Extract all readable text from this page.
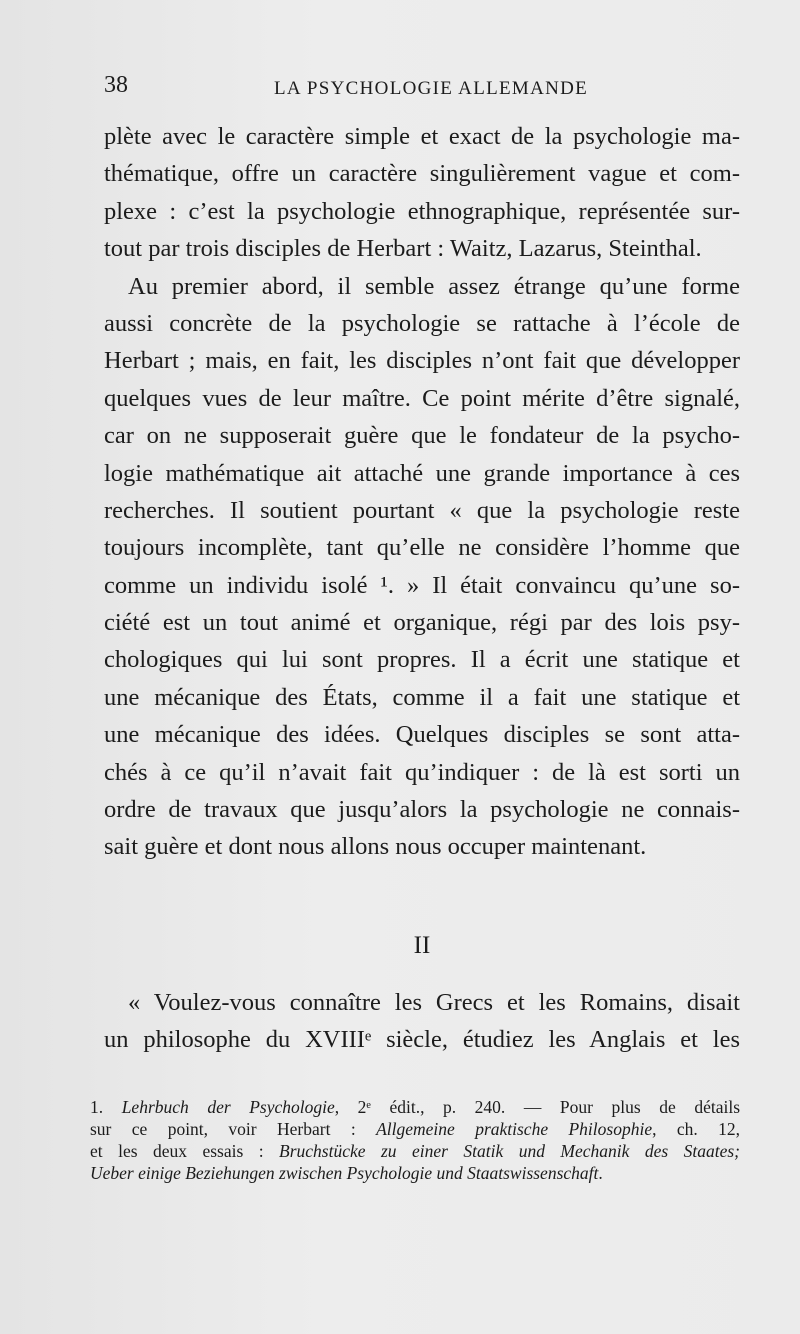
38	LA PSYCHOLOGIE ALLEMANDE
plète avec le caractère simple et exact de la psychologie ma-
thématique, offre un caractère singulièrement vague et com-
plexe : c’est la psychologie ethnographique, représentée sur-
tout par trois disciples de Herbart : Waitz, Lazarus, Steinthal.
Au premier abord, il semble assez étrange qu’une forme
aussi concrète de la psychologie se rattache à l’école de
Herbart ; mais, en fait, les disciples n’ont fait que développer
quelques vues de leur maître. Ce point mérite d’être signalé,
car on ne supposerait guère que le fondateur de la psycho-
logie mathématique ait attaché une grande importance à ces
recherches. Il soutient pourtant « que la psychologie reste
toujours incomplète, tant qu’elle ne considère l’homme que
comme un individu isolé ¹. » Il était convaincu qu’une so-
ciété est un tout animé et organique, régi par des lois psy-
chologiques qui lui sont propres. Il a écrit une statique et
une mécanique des États, comme il a fait une statique et
une mécanique des idées. Quelques disciples se sont atta-
chés à ce qu’il n’avait fait qu’indiquer : de là est sorti un
ordre de travaux que jusqu’alors la psychologie ne connais-
sait guère et dont nous allons nous occuper maintenant.
II
« Voulez-vous connaître les Grecs et les Romains, disait
un philosophe du XVIIIᵉ siècle, étudiez les Anglais et les
1. Lehrbuch der Psychologie, 2ᵉ édit., p. 240. — Pour plus de détails
sur ce point, voir Herbart : Allgemeine praktische Philosophie, ch. 12,
et les deux essais : Bruchstücke zu einer Statik und Mechanik des Staates;
Ueber einige Beziehungen zwischen Psychologie und Staatswissenschaft.
